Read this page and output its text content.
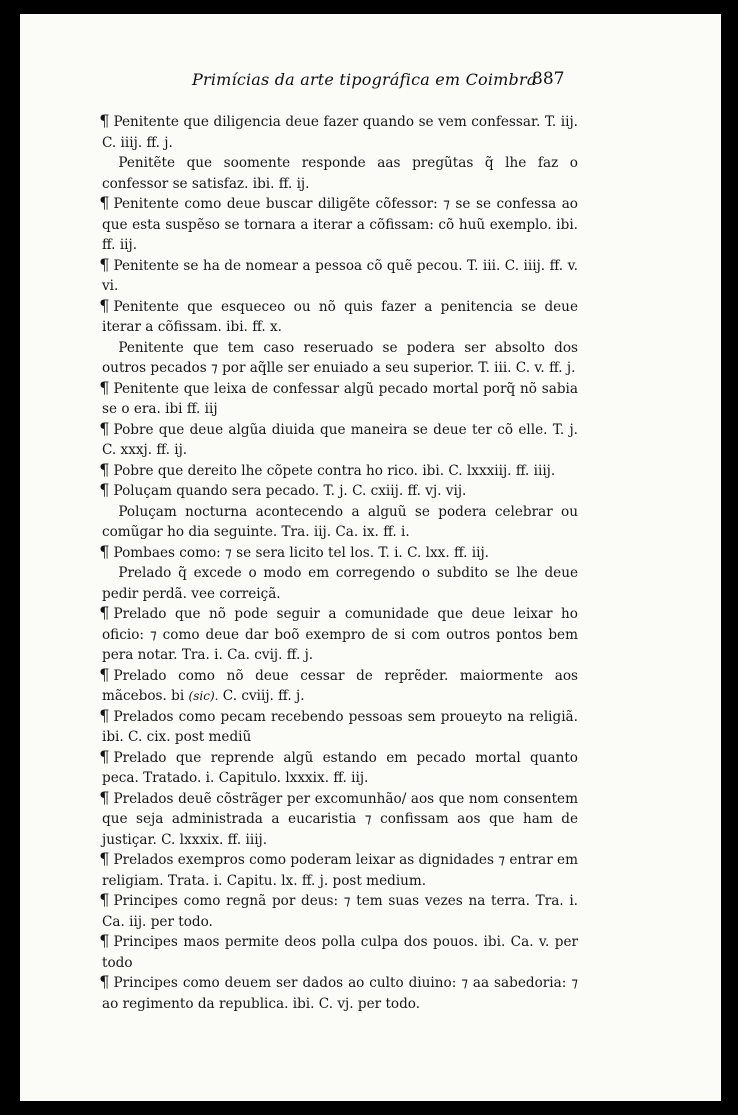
Primícias da arte tipográfica em Coimbra
887

¶ Penitente que diligencia deue fazer quando se vem confessar. T. iij. C. iiij. ff. j.

Penitẽte que soomente responde aas pregũtas q̃ lhe faz o confessor se satisfaz. ibi. ff. ij.

¶ Penitente como deue buscar diligẽte cõfessor: ⁊ se se confessa ao que esta suspẽso se tornara a iterar a cõfissam: cõ huũ exemplo. ibi. ff. iij.

¶ Penitente se ha de nomear a pessoa cõ quẽ pecou. T. iii. C. iiij. ff. v. vi.

¶ Penitente que esqueceo ou nõ quis fazer a penitencia se deue iterar a cõfissam. ibi. ff. x.

Penitente que tem caso reseruado se podera ser absolto dos outros pecados ⁊ por aq̃lle ser enuiado a seu superior. T. iii. C. v. ff. j.

¶ Penitente que leixa de confessar algũ pecado mortal porq̃ nõ sabia se o era. ibi ff. iij

¶ Pobre que deue algũa diuida que maneira se deue ter cõ elle. T. j. C. xxxj. ff. ij.

¶ Pobre que dereito lhe cõpete contra ho rico. ibi. C. lxxxiij. ff. iiij.

¶ Poluçam quando sera pecado. T. j. C. cxiij. ff. vj. vij.

Poluçam nocturna acontecendo a alguũ se podera celebrar ou comũgar ho dia seguinte. Tra. iij. Ca. ix. ff. i.

¶ Pombaes como: ⁊ se sera licito tel los. T. i. C. lxx. ff. iij.

Prelado q̃ excede o modo em corregendo o subdito se lhe deue pedir perdã. vee correiçã.

¶ Prelado que nõ pode seguir a comunidade que deue leixar ho oficio: ⁊ como deue dar boõ exempro de si com outros pontos bem pera notar. Tra. i. Ca. cvij. ff. j.

¶ Prelado como nõ deue cessar de reprẽder. maiormente aos mãcebos. bi (sic). C. cviij. ff. j.

¶ Prelados como pecam recebendo pessoas sem proueyto na religiã. ibi. C. cix. post mediũ

¶ Prelado que reprende algũ estando em pecado mortal quanto peca. Tratado. i. Capitulo. lxxxix. ff. iij.

¶ Prelados deuẽ cõstrãger per excomunhão/ aos que nom consentem que seja administrada a eucaristia ⁊ confissam aos que ham de justiçar. C. lxxxix. ff. iiij.

¶ Prelados exempros como poderam leixar as dignidades ⁊ entrar em religiam. Trata. i. Capitu. lx. ff. j. post medium.

¶ Principes como regnã por deus: ⁊ tem suas vezes na terra. Tra. i. Ca. iij. per todo.

¶ Principes maos permite deos polla culpa dos pouos. ibi. Ca. v. per todo

¶ Principes como deuem ser dados ao culto diuino: ⁊ aa sabedoria: ⁊ ao regimento da republica. ibi. C. vj. per todo.
